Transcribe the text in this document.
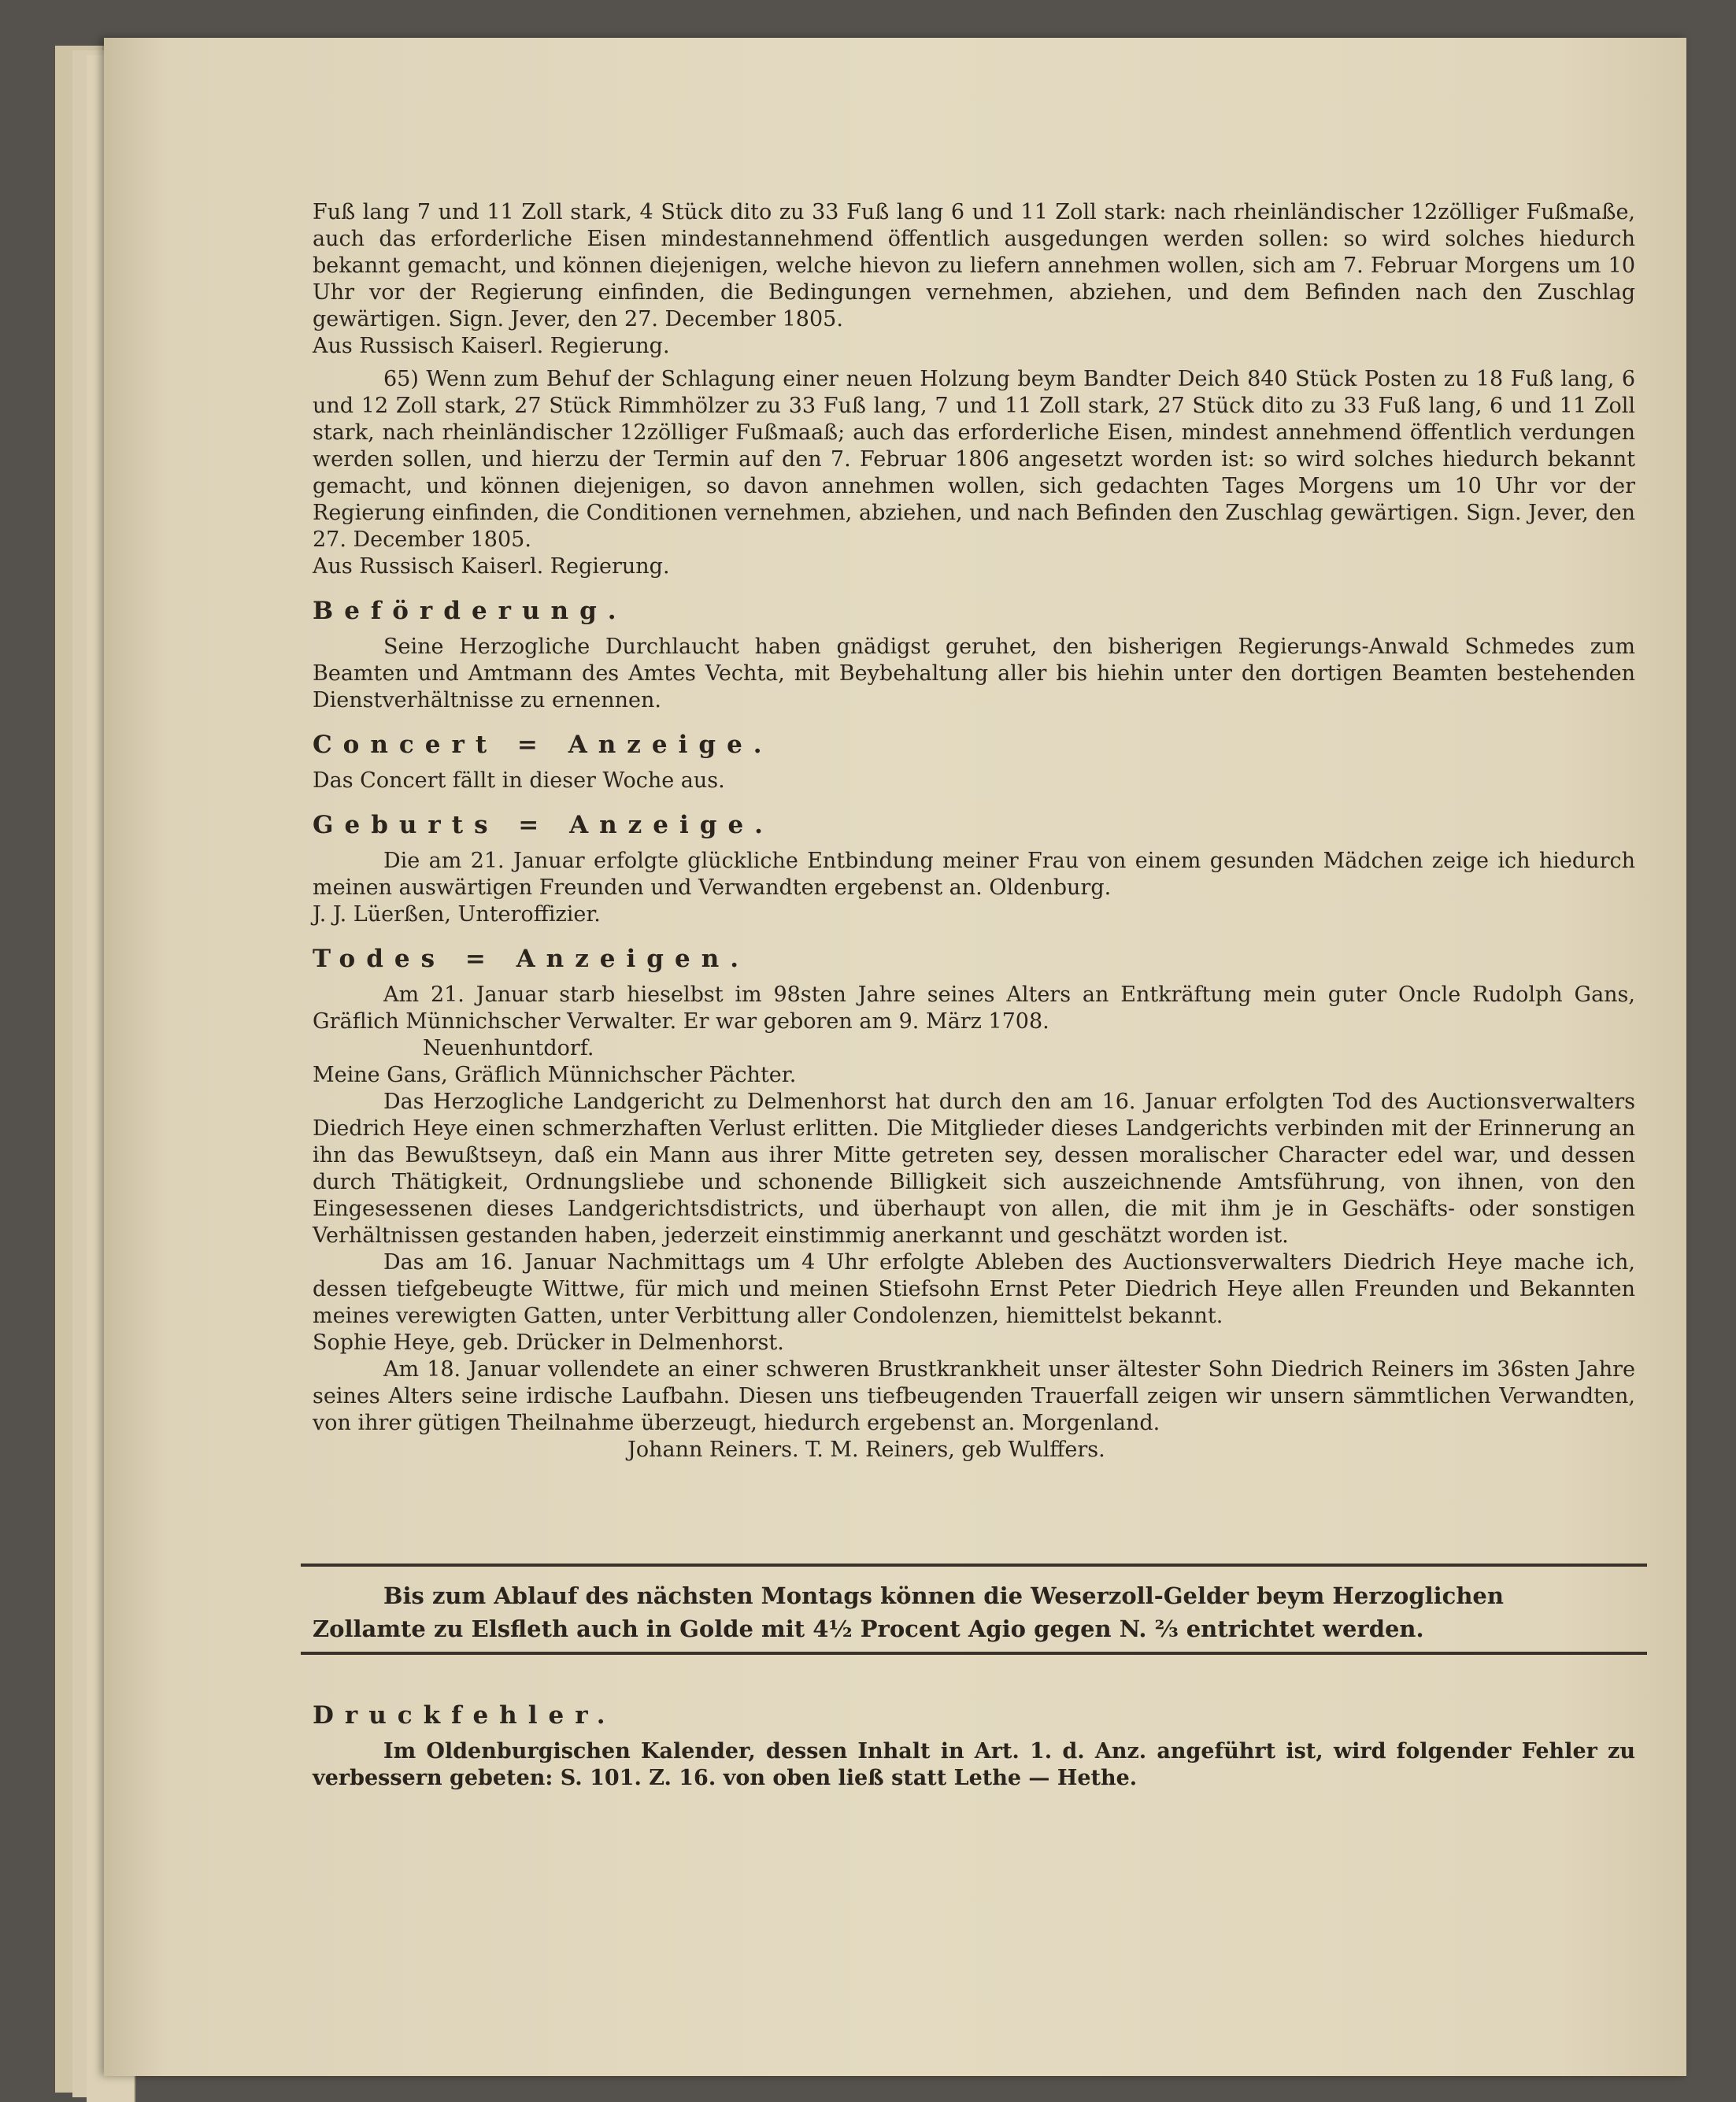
Fuß lang 7 und 11 Zoll stark, 4 Stück dito zu 33 Fuß lang 6 und 11 Zoll stark: nach rheinländischer 12zölliger Fußmaße, auch das erforderliche Eisen mindestannehmend öffentlich ausgedungen werden sollen: so wird solches hiedurch bekannt gemacht, und können diejenigen, welche hievon zu liefern annehmen wollen, sich am 7. Februar Morgens um 10 Uhr vor der Regierung einfinden, die Bedingungen vernehmen, abziehen, und dem Befinden nach den Zuschlag gewärtigen. Sign. Jever, den 27. December 1805.

Aus Russisch Kaiserl. Regierung.

65) Wenn zum Behuf der Schlagung einer neuen Holzung beym Bandter Deich 840 Stück Posten zu 18 Fuß lang, 6 und 12 Zoll stark, 27 Stück Rimmhölzer zu 33 Fuß lang, 7 und 11 Zoll stark, 27 Stück dito zu 33 Fuß lang, 6 und 11 Zoll stark, nach rheinländischer 12zölliger Fußmaaß; auch das erforderliche Eisen, mindest annehmend öffentlich verdungen werden sollen, und hierzu der Termin auf den 7. Februar 1806 angesetzt worden ist: so wird solches hiedurch bekannt gemacht, und können diejenigen, so davon annehmen wollen, sich gedachten Tages Morgens um 10 Uhr vor der Regierung einfinden, die Conditionen vernehmen, abziehen, und nach Befinden den Zuschlag gewärtigen. Sign. Jever, den 27. December 1805.

Aus Russisch Kaiserl. Regierung.

Beförderung.

Seine Herzogliche Durchlaucht haben gnädigst geruhet, den bisherigen Regierungs-Anwald Schmedes zum Beamten und Amtmann des Amtes Vechta, mit Beybehaltung aller bis hiehin unter den dortigen Beamten bestehenden Dienstverhältnisse zu ernennen.

Concert = Anzeige.

Das Concert fällt in dieser Woche aus.

Geburts = Anzeige.

Die am 21. Januar erfolgte glückliche Entbindung meiner Frau von einem gesunden Mädchen zeige ich hiedurch meinen auswärtigen Freunden und Verwandten ergebenst an. Oldenburg.

J. J. Lüerßen, Unteroffizier.

Todes = Anzeigen.

Am 21. Januar starb hieselbst im 98sten Jahre seines Alters an Entkräftung mein guter Oncle Rudolph Gans, Gräflich Münnichscher Verwalter. Er war geboren am 9. März 1708.

Neuenhuntdorf.

Meine Gans, Gräflich Münnichscher Pächter.

Das Herzogliche Landgericht zu Delmenhorst hat durch den am 16. Januar erfolgten Tod des Auctionsverwalters Diedrich Heye einen schmerzhaften Verlust erlitten. Die Mitglieder dieses Landgerichts verbinden mit der Erinnerung an ihn das Bewußtseyn, daß ein Mann aus ihrer Mitte getreten sey, dessen moralischer Character edel war, und dessen durch Thätigkeit, Ordnungsliebe und schonende Billigkeit sich auszeichnende Amtsführung, von ihnen, von den Eingesessenen dieses Landgerichtsdistricts, und überhaupt von allen, die mit ihm je in Geschäfts- oder sonstigen Verhältnissen gestanden haben, jederzeit einstimmig anerkannt und geschätzt worden ist.

Das am 16. Januar Nachmittags um 4 Uhr erfolgte Ableben des Auctionsverwalters Diedrich Heye mache ich, dessen tiefgebeugte Wittwe, für mich und meinen Stiefsohn Ernst Peter Diedrich Heye allen Freunden und Bekannten meines verewigten Gatten, unter Verbittung aller Condolenzen, hiemittelst bekannt.

Sophie Heye, geb. Drücker in Delmenhorst.

Am 18. Januar vollendete an einer schweren Brustkrankheit unser ältester Sohn Diedrich Reiners im 36sten Jahre seines Alters seine irdische Laufbahn. Diesen uns tiefbeugenden Trauerfall zeigen wir unsern sämmtlichen Verwandten, von ihrer gütigen Theilnahme überzeugt, hiedurch ergebenst an. Morgenland.

Johann Reiners. T. M. Reiners, geb Wulffers.

Bis zum Ablauf des nächsten Montags können die Weserzoll-Gelder beym Herzoglichen

Zollamte zu Elsfleth auch in Golde mit 4½ Procent Agio gegen N. ⅔ entrichtet werden.

Druckfehler.

Im Oldenburgischen Kalender, dessen Inhalt in Art. 1. d. Anz. angeführt ist, wird folgender Fehler zu verbessern gebeten: S. 101. Z. 16. von oben ließ statt Lethe — Hethe.
